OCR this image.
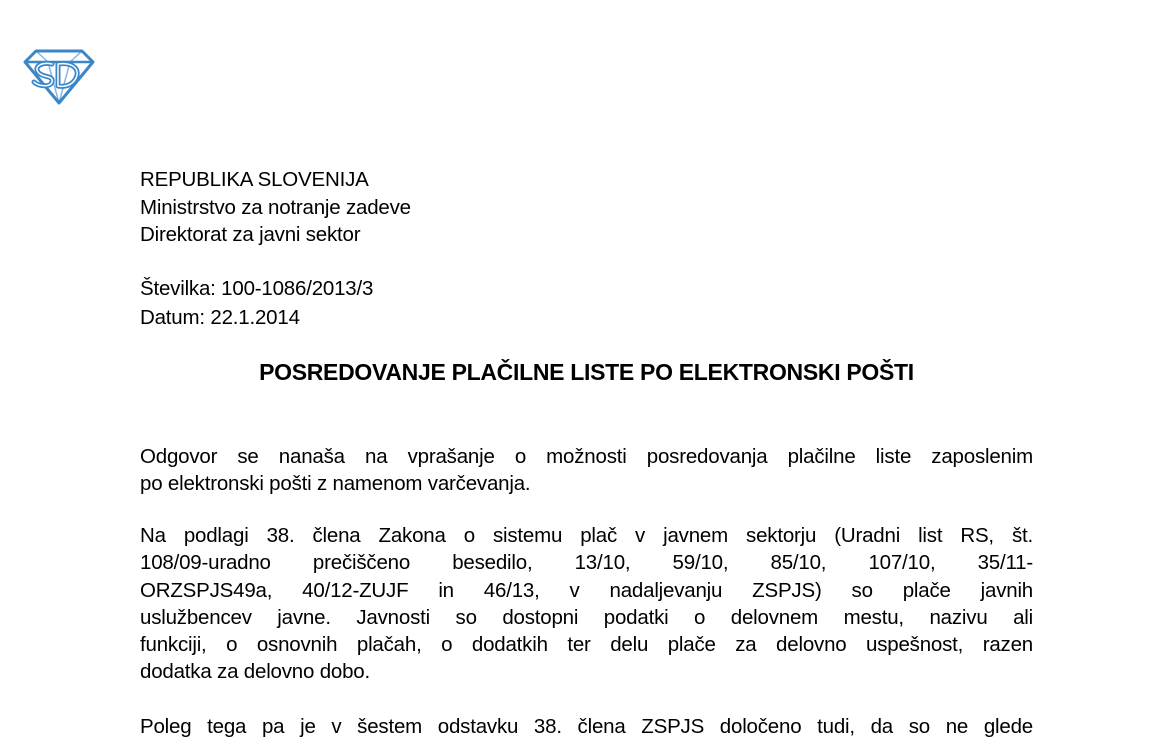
REPUBLIKA SLOVENIJA
Ministrstvo za notranje zadeve
Direktorat za javni sektor
Številka: 100-1086/2013/3
Datum: 22.1.2014
POSREDOVANJE PLAČILNE LISTE PO ELEKTRONSKI POŠTI
Odgovor se nanaša na vprašanje o možnosti posredovanja plačilne liste zaposlenim
po elektronski pošti z namenom varčevanja.
Na podlagi 38. člena Zakona o sistemu plač v javnem sektorju (Uradni list RS, št.
108/09-uradno prečiščeno besedilo, 13/10, 59/10, 85/10, 107/10, 35/11-
ORZSPJS49a, 40/12-ZUJF in 46/13, v nadaljevanju ZSPJS) so plače javnih
uslužbencev javne. Javnosti so dostopni podatki o delovnem mestu, nazivu ali
funkciji, o osnovnih plačah, o dodatkih ter delu plače za delovno uspešnost, razen
dodatka za delovno dobo.
Poleg tega pa je v šestem odstavku 38. člena ZSPJS določeno tudi, da so ne glede
